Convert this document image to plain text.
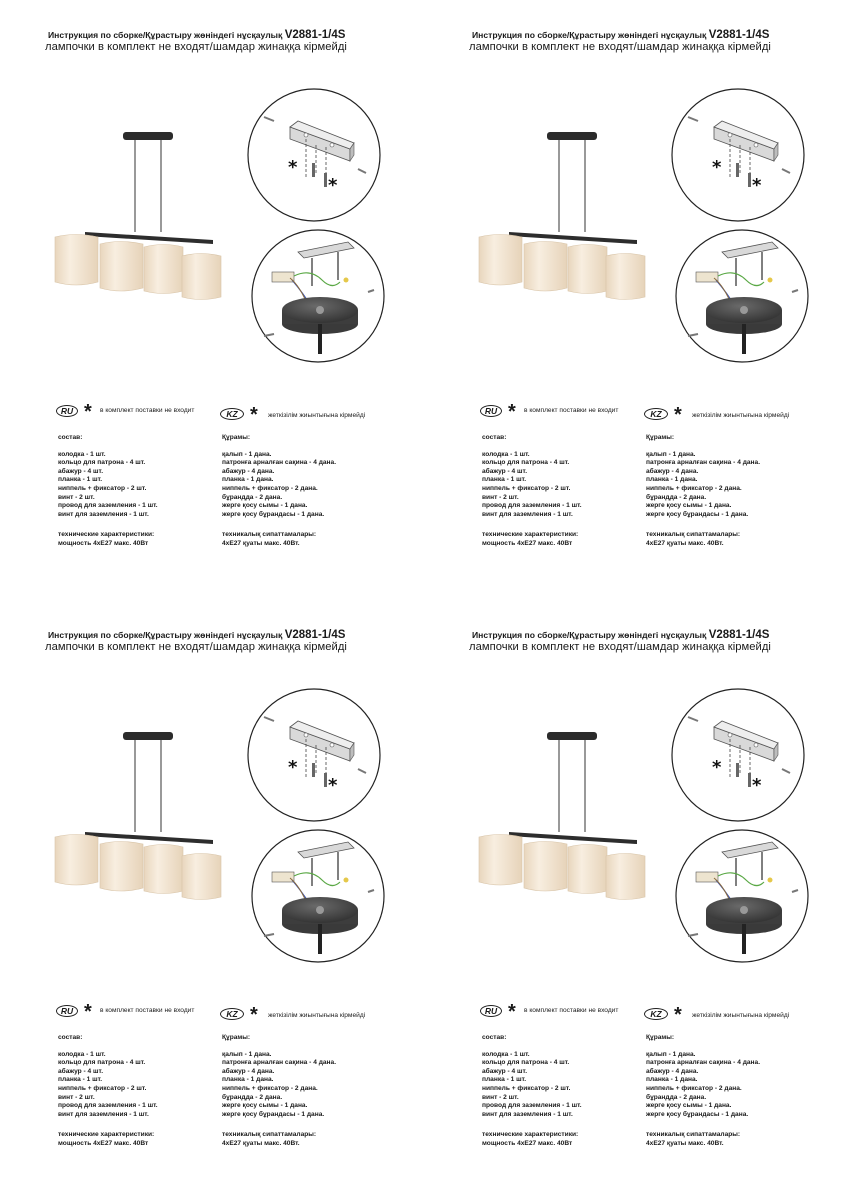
Инструкция по сборке/Құрастыру жөніндегі нұсқаулық V2881-1/4S
лампочки в комплект не входят/шамдар жинаққа кірмейді
RU * в комплект поставки не входит	KZ * жеткізілім жиынтығына кірмейді
состав:
колодка - 1 шт.
кольцо для патрона - 4 шт.
абажур - 4 шт.
планка - 1 шт.
ниппель + фиксатор - 2 шт.
винт - 2 шт.
провод для заземления - 1 шт.
винт для заземления - 1 шт.
технические характеристики:
мощность 4xE27 макс. 40Вт
Құрамы:
қалып - 1 дана.
патронға арналған сақина - 4 дана.
абажур - 4 дана.
планка - 1 дана.
ниппель + фиксатор - 2 дана.
бұрандда - 2 дана.
жерге қосу сымы - 1 дана.
жерге қосу бұрандасы - 1 дана.
техникалық сипаттамалары:
4xE27 қуаты макс. 40Вт.
Инструкция по сборке/Құрастыру жөніндегі нұсқаулық V2881-1/4S
лампочки в комплект не входят/шамдар жинаққа кірмейді
RU * в комплект поставки не входит	KZ * жеткізілім жиынтығына кірмейді
состав:
колодка - 1 шт.
кольцо для патрона - 4 шт.
абажур - 4 шт.
планка - 1 шт.
ниппель + фиксатор - 2 шт.
винт - 2 шт.
провод для заземления - 1 шт.
винт для заземления - 1 шт.
технические характеристики:
мощность 4xE27 макс. 40Вт
Құрамы:
қалып - 1 дана.
патронға арналған сақина - 4 дана.
абажур - 4 дана.
планка - 1 дана.
ниппель + фиксатор - 2 дана.
бұрандда - 2 дана.
жерге қосу сымы - 1 дана.
жерге қосу бұрандасы - 1 дана.
техникалық сипаттамалары:
4xE27 қуаты макс. 40Вт.
Инструкция по сборке/Құрастыру жөніндегі нұсқаулық V2881-1/4S
лампочки в комплект не входят/шамдар жинаққа кірмейді
RU * в комплект поставки не входит	KZ * жеткізілім жиынтығына кірмейді
состав:
колодка - 1 шт.
кольцо для патрона - 4 шт.
абажур - 4 шт.
планка - 1 шт.
ниппель + фиксатор - 2 шт.
винт - 2 шт.
провод для заземления - 1 шт.
винт для заземления - 1 шт.
технические характеристики:
мощность 4xE27 макс. 40Вт
Құрамы:
қалып - 1 дана.
патронға арналған сақина - 4 дана.
абажур - 4 дана.
планка - 1 дана.
ниппель + фиксатор - 2 дана.
бұрандда - 2 дана.
жерге қосу сымы - 1 дана.
жерге қосу бұрандасы - 1 дана.
техникалық сипаттамалары:
4xE27 қуаты макс. 40Вт.
Инструкция по сборке/Құрастыру жөніндегі нұсқаулық V2881-1/4S
лампочки в комплект не входят/шамдар жинаққа кірмейді
RU * в комплект поставки не входит	KZ * жеткізілім жиынтығына кірмейді
состав:
колодка - 1 шт.
кольцо для патрона - 4 шт.
абажур - 4 шт.
планка - 1 шт.
ниппель + фиксатор - 2 шт.
винт - 2 шт.
провод для заземления - 1 шт.
винт для заземления - 1 шт.
технические характеристики:
мощность 4xE27 макс. 40Вт
Құрамы:
қалып - 1 дана.
патронға арналған сақина - 4 дана.
абажур - 4 дана.
планка - 1 дана.
ниппель + фиксатор - 2 дана.
бұрандда - 2 дана.
жерге қосу сымы - 1 дана.
жерге қосу бұрандасы - 1 дана.
техникалық сипаттамалары:
4xE27 қуаты макс. 40Вт.
